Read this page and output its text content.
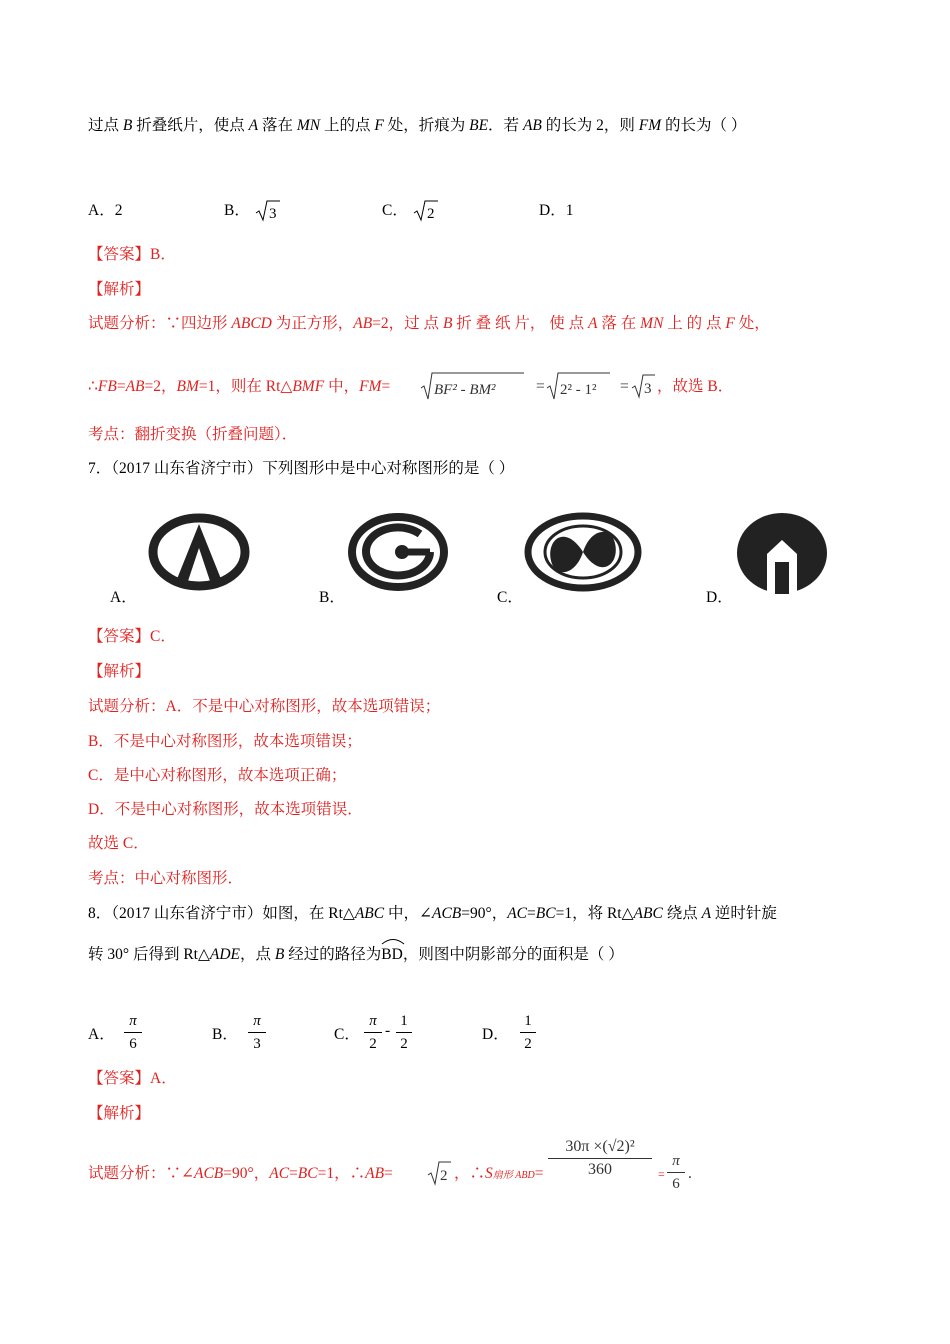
过点 B 折叠纸片，使点 A 落在 MN 上的点 F 处，折痕为 BE．若 AB 的长为 2，则 FM 的长为（ ）
A．2	B． 3	C． 2	D．1
【答案】B．
【解析】
试题分析：∵四边形 ABCD 为正方形，AB=2，过 点 B 折 叠 纸 片， 使 点 A 落 在 MN 上 的 点 F 处，
∴FB=AB=2，BM=1，则在 Rt△BMF 中，FM=	BF² - BM²	= 2² - 1² = 3 ，故选 B．
考点：翻折变换（折叠问题）．
7．（2017 山东省济宁市）下列图形中是中心对称图形的是（ ）
A．	B．	C．	D．
【答案】C．
【解析】
试题分析：A．不是中心对称图形，故本选项错误；
B．不是中心对称图形，故本选项错误；
C．是中心对称图形，故本选项正确；
D．不是中心对称图形，故本选项错误．
故选 C．
考点：中心对称图形．
8．（2017 山东省济宁市）如图，在 Rt△ABC 中，∠ACB=90°，AC=BC=1，将 Rt△ABC 绕点 A 逆时针旋
转 30° 后得到 Rt△ADE，点 B 经过的路径为
BD，则图中阴影部分的面积是（ ）
A．
π
6
B．
π
3
C．
π
2
-
1
2
D．
1
2
【答案】A．
【解析】
试题分析：∵∠ACB=90°，AC=BC=1，∴AB=	2 ，∴S扇形 ABD=
30π ×(√2)²
360	=
π
6
.
